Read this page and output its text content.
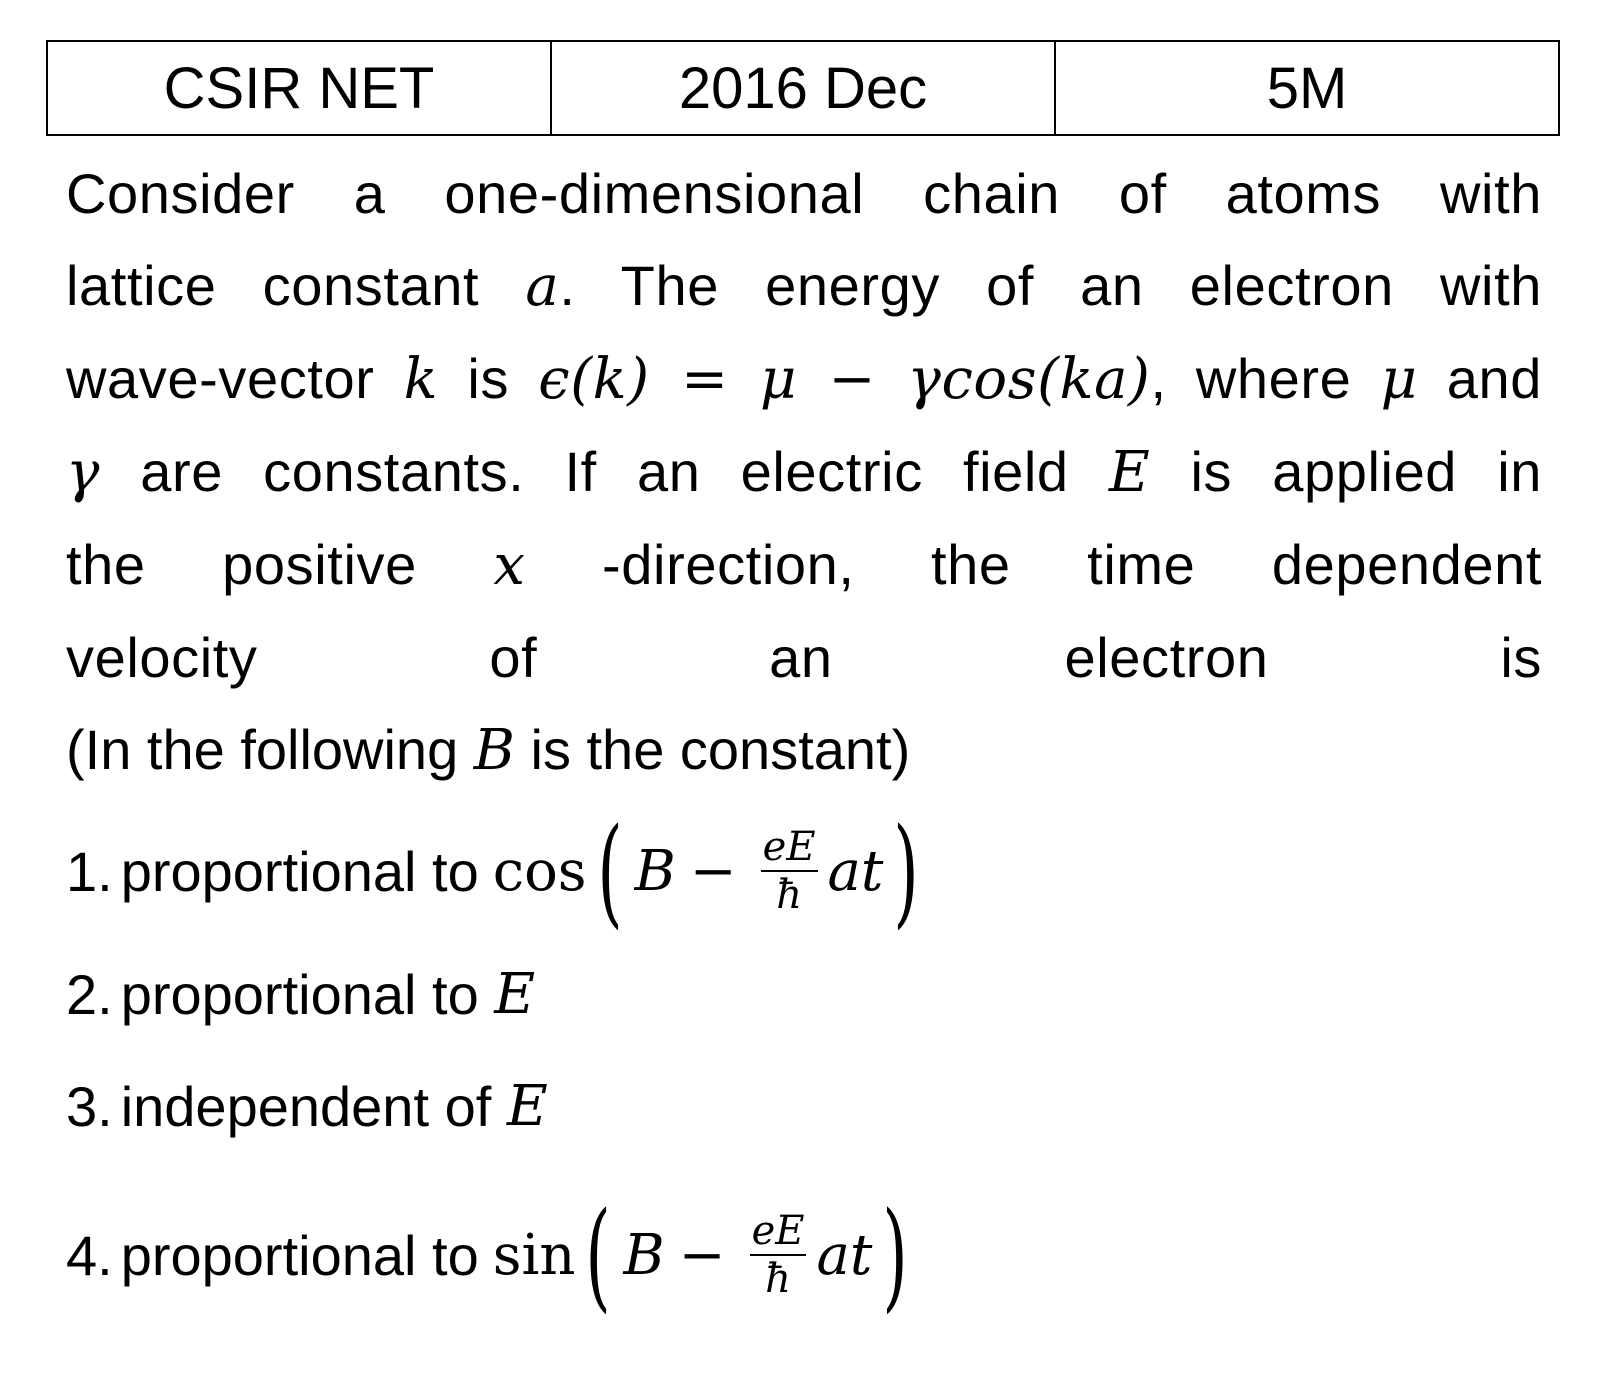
CSIR NET	2016 Dec	5M
Consider a one-dimensional chain of atoms with
lattice constant a. The energy of an electron with
wave-vector k is ϵ(k) = μ − γcos(ka), where μ and
γ are constants. If an electric field E is applied in
the positive x -direction, the time dependent
velocity of an electron is
(In the following B is the constant)
1. proportional to cos ( $B - \frac{eE}{ħ}$ at )
2. proportional to E
3. independent of E
4. proportional to sin ( $B - \frac{eE}{ħ}$ at )
